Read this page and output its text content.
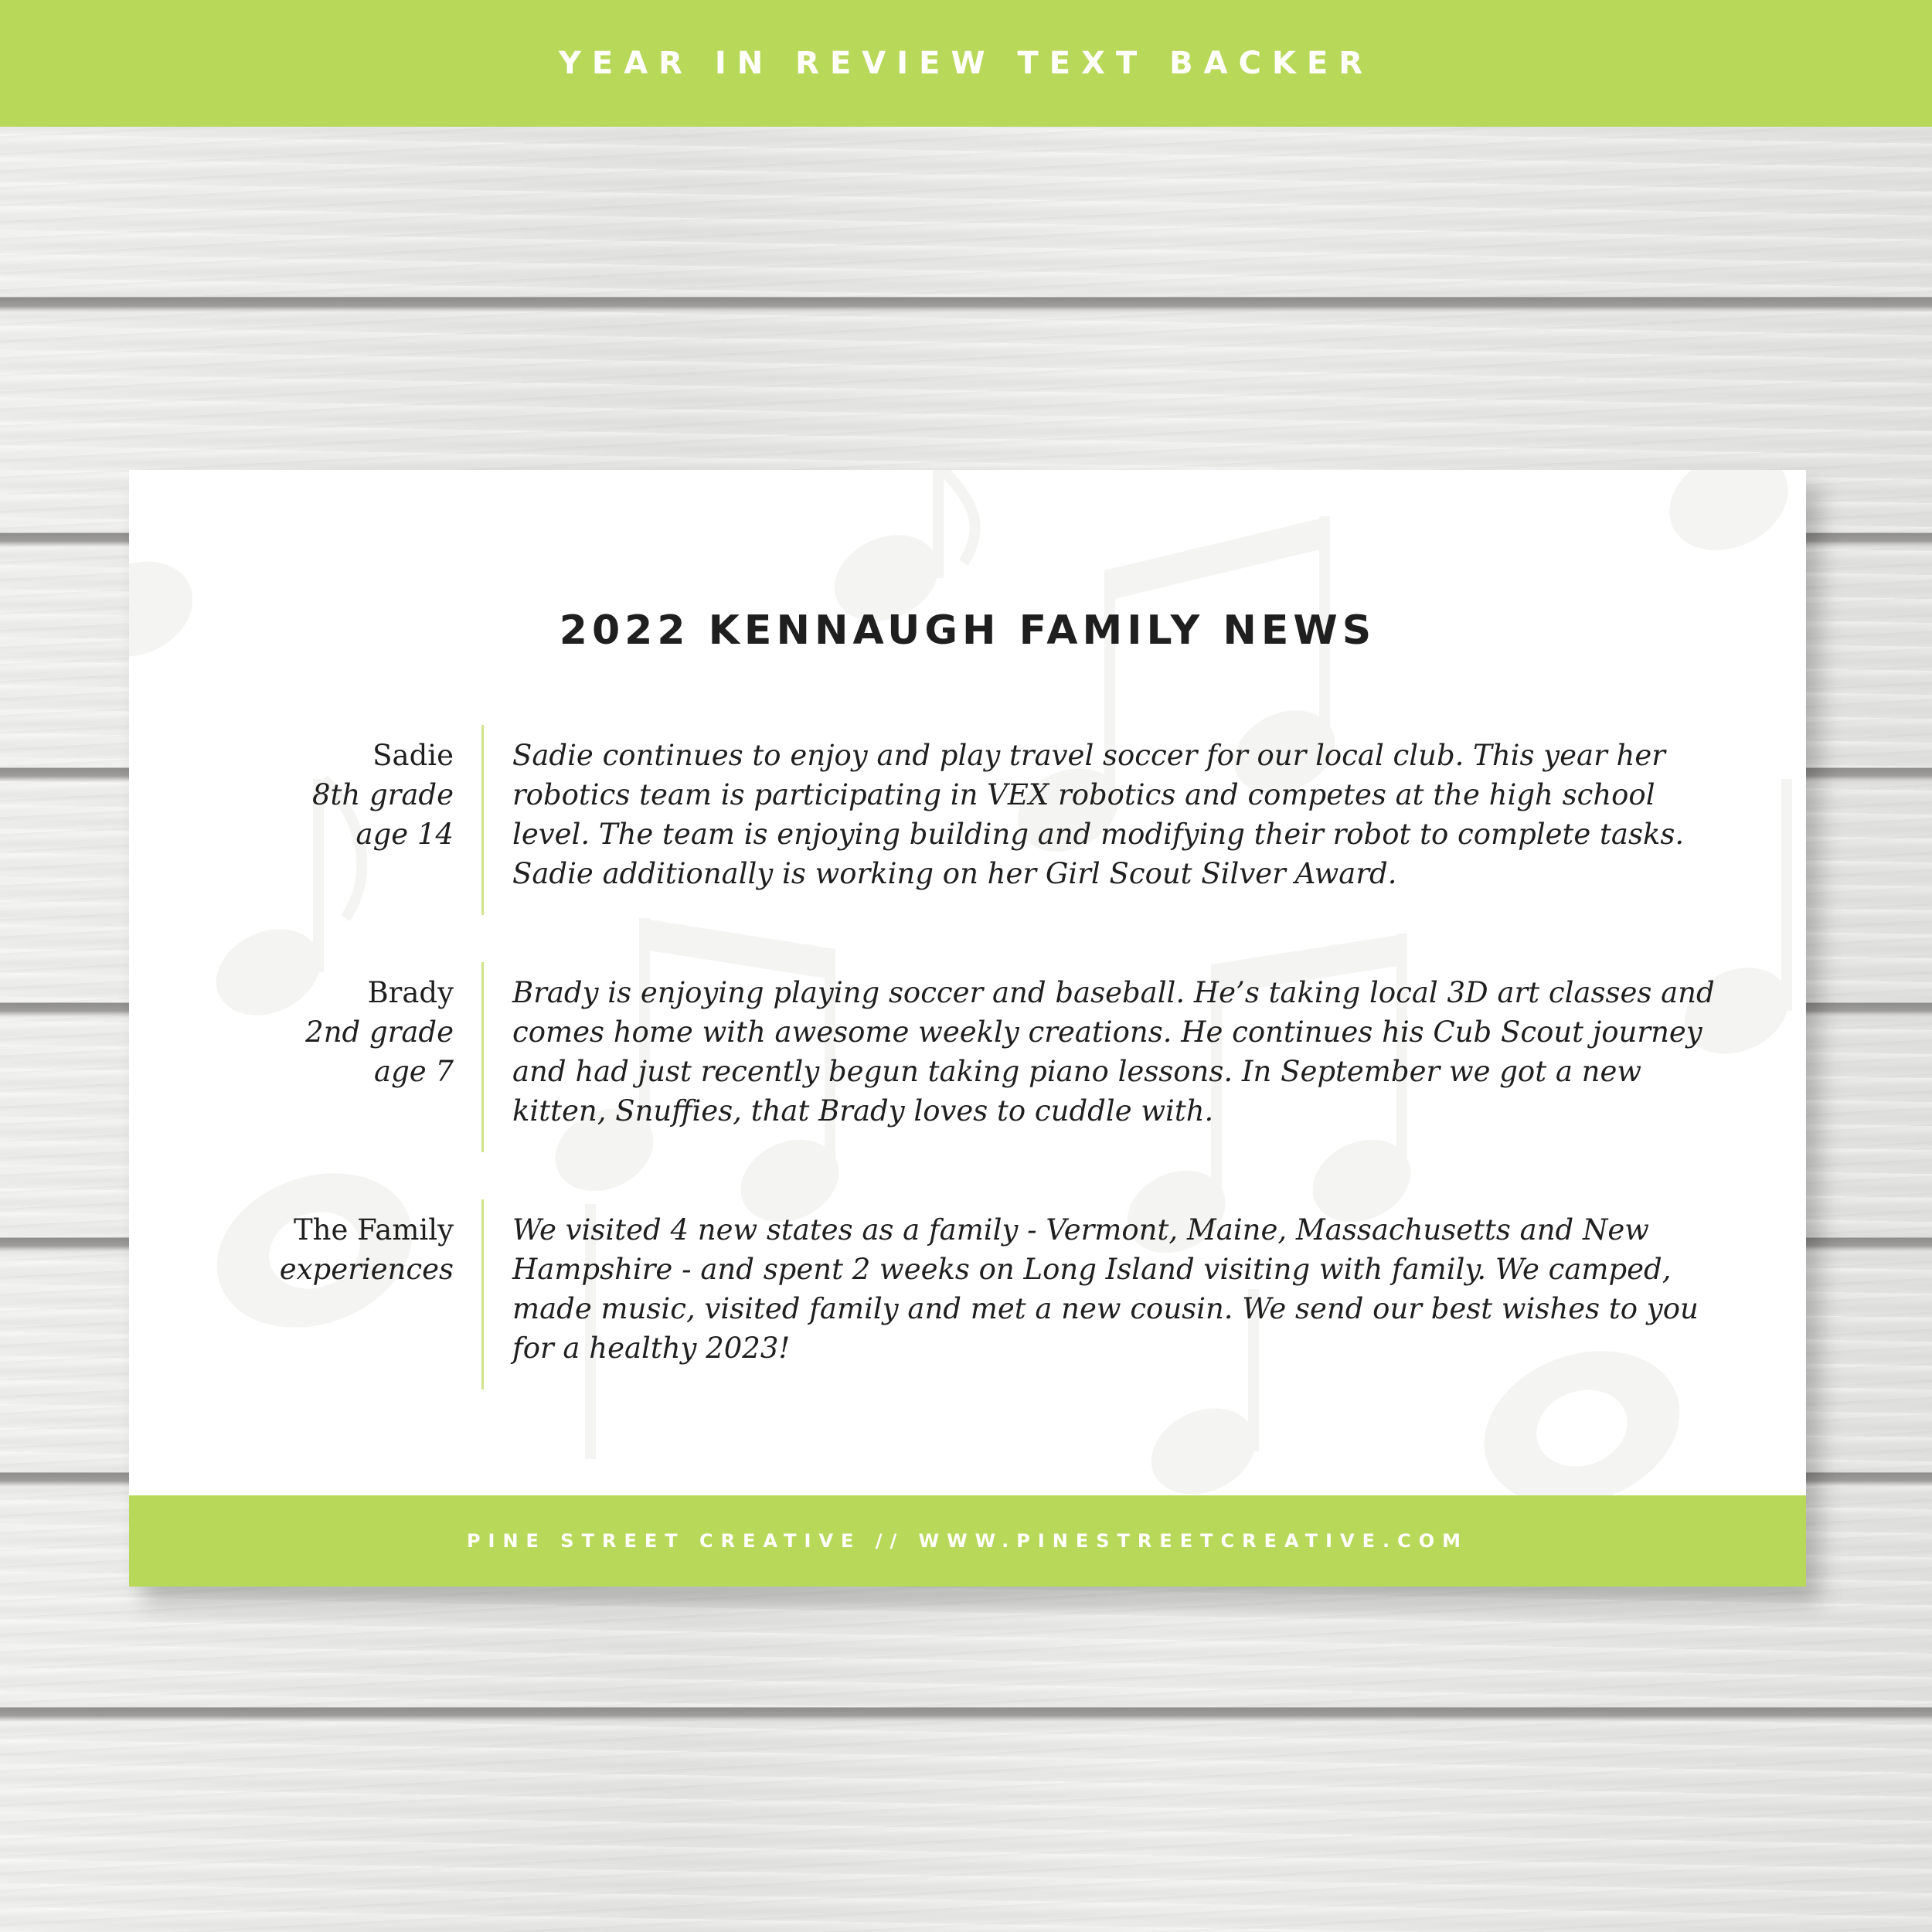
YEAR IN REVIEW TEXT BACKER
2022 KENNAUGH FAMILY NEWS
Sadie
8th grade
age 14
Sadie continues to enjoy and play travel soccer for our local club. This year her robotics team is participating in VEX robotics and competes at the high school level. The team is enjoying building and modifying their robot to complete tasks. Sadie additionally is working on her Girl Scout Silver Award.
Brady
2nd grade
age 7
Brady is enjoying playing soccer and baseball. He’s taking local 3D art classes and comes home with awesome weekly creations. He continues his Cub Scout journey and had just recently begun taking piano lessons. In September we got a new kitten, Snuffies, that Brady loves to cuddle with.
The Family
experiences
We visited 4 new states as a family - Vermont, Maine, Massachusetts and New Hampshire - and spent 2 weeks on Long Island visiting with family. We camped, made music, visited family and met a new cousin. We send our best wishes to you for a healthy 2023!
PINE STREET CREATIVE // WWW.PINESTREETCREATIVE.COM
